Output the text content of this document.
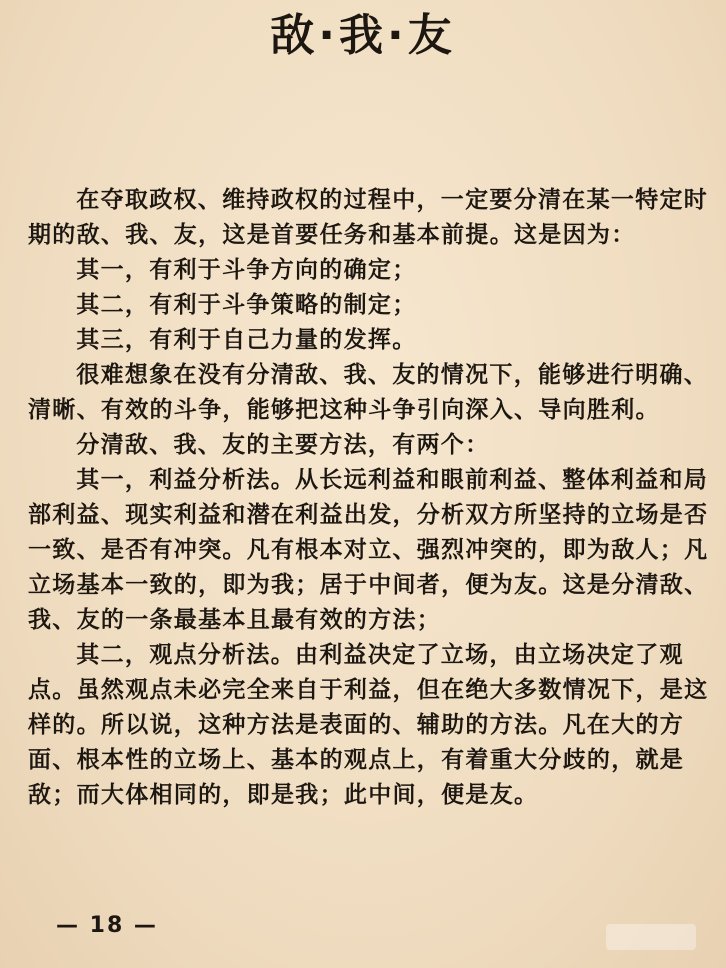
敌·我·友

在夺取政权、维持政权的过程中，一定要分清在某一特定时期的敌、我、友，这是首要任务和基本前提。这是因为：

其一，有利于斗争方向的确定；

其二，有利于斗争策略的制定；

其三，有利于自己力量的发挥。

很难想象在没有分清敌、我、友的情况下，能够进行明确、清晰、有效的斗争，能够把这种斗争引向深入、导向胜利。

分清敌、我、友的主要方法，有两个：

其一，利益分析法。从长远利益和眼前利益、整体利益和局部利益、现实利益和潜在利益出发，分析双方所坚持的立场是否一致、是否有冲突。凡有根本对立、强烈冲突的，即为敌人；凡立场基本一致的，即为我；居于中间者，便为友。这是分清敌、我、友的一条最基本且最有效的方法；

其二，观点分析法。由利益决定了立场，由立场决定了观点。虽然观点未必完全来自于利益，但在绝大多数情况下，是这样的。所以说，这种方法是表面的、辅助的方法。凡在大的方面、根本性的立场上、基本的观点上，有着重大分歧的，就是敌；而大体相同的，即是我；此中间，便是友。

— 18 —
